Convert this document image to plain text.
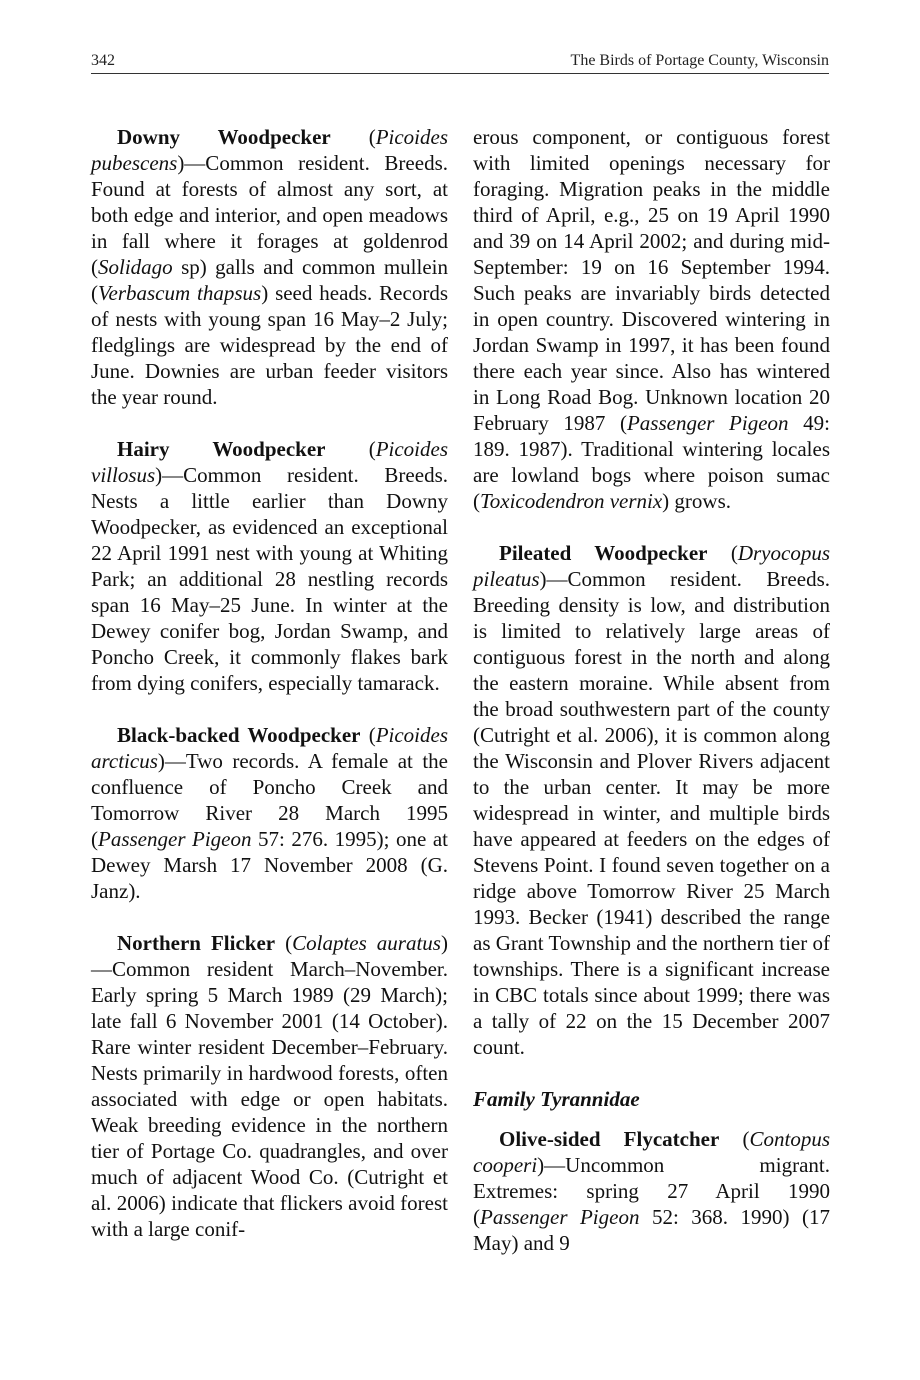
342	The Birds of Portage County, Wisconsin

Downy Woodpecker (Picoides pubescens)—Common resident. Breeds. Found at forests of almost any sort, at both edge and interior, and open meadows in fall where it forages at goldenrod (Solidago sp) galls and common mullein (Verbascum thapsus) seed heads. Records of nests with young span 16 May–2 July; fledglings are widespread by the end of June. Downies are urban feeder visitors the year round.

Hairy Woodpecker (Picoides villosus)—Common resident. Breeds. Nests a little earlier than Downy Woodpecker, as evidenced an exceptional 22 April 1991 nest with young at Whiting Park; an additional 28 nestling records span 16 May–25 June. In winter at the Dewey conifer bog, Jordan Swamp, and Poncho Creek, it commonly flakes bark from dying conifers, especially tamarack.

Black-backed Woodpecker (Picoides arcticus)—Two records. A female at the confluence of Poncho Creek and Tomorrow River 28 March 1995 (Passenger Pigeon 57: 276. 1995); one at Dewey Marsh 17 November 2008 (G. Janz).

Northern Flicker (Colaptes auratus)—Common resident March–November. Early spring 5 March 1989 (29 March); late fall 6 November 2001 (14 October). Rare winter resident December–February. Nests primarily in hardwood forests, often associated with edge or open habitats. Weak breeding evidence in the northern tier of Portage Co. quadrangles, and over much of adjacent Wood Co. (Cutright et al. 2006) indicate that flickers avoid forest with a large conif-

erous component, or contiguous forest with limited openings necessary for foraging. Migration peaks in the middle third of April, e.g., 25 on 19 April 1990 and 39 on 14 April 2002; and during mid-September: 19 on 16 September 1994. Such peaks are invariably birds detected in open country. Discovered wintering in Jordan Swamp in 1997, it has been found there each year since. Also has wintered in Long Road Bog. Unknown location 20 February 1987 (Passenger Pigeon 49: 189. 1987). Traditional wintering locales are lowland bogs where poison sumac (Toxicodendron vernix) grows.

Pileated Woodpecker (Dryocopus pileatus)—Common resident. Breeds. Breeding density is low, and distribution is limited to relatively large areas of contiguous forest in the north and along the eastern moraine. While absent from the broad southwestern part of the county (Cutright et al. 2006), it is common along the Wisconsin and Plover Rivers adjacent to the urban center. It may be more widespread in winter, and multiple birds have appeared at feeders on the edges of Stevens Point. I found seven together on a ridge above Tomorrow River 25 March 1993. Becker (1941) described the range as Grant Township and the northern tier of townships. There is a significant increase in CBC totals since about 1999; there was a tally of 22 on the 15 December 2007 count.

Family Tyrannidae

Olive-sided Flycatcher (Contopus cooperi)—Uncommon migrant. Extremes: spring 27 April 1990 (Passenger Pigeon 52: 368. 1990) (17 May) and 9
